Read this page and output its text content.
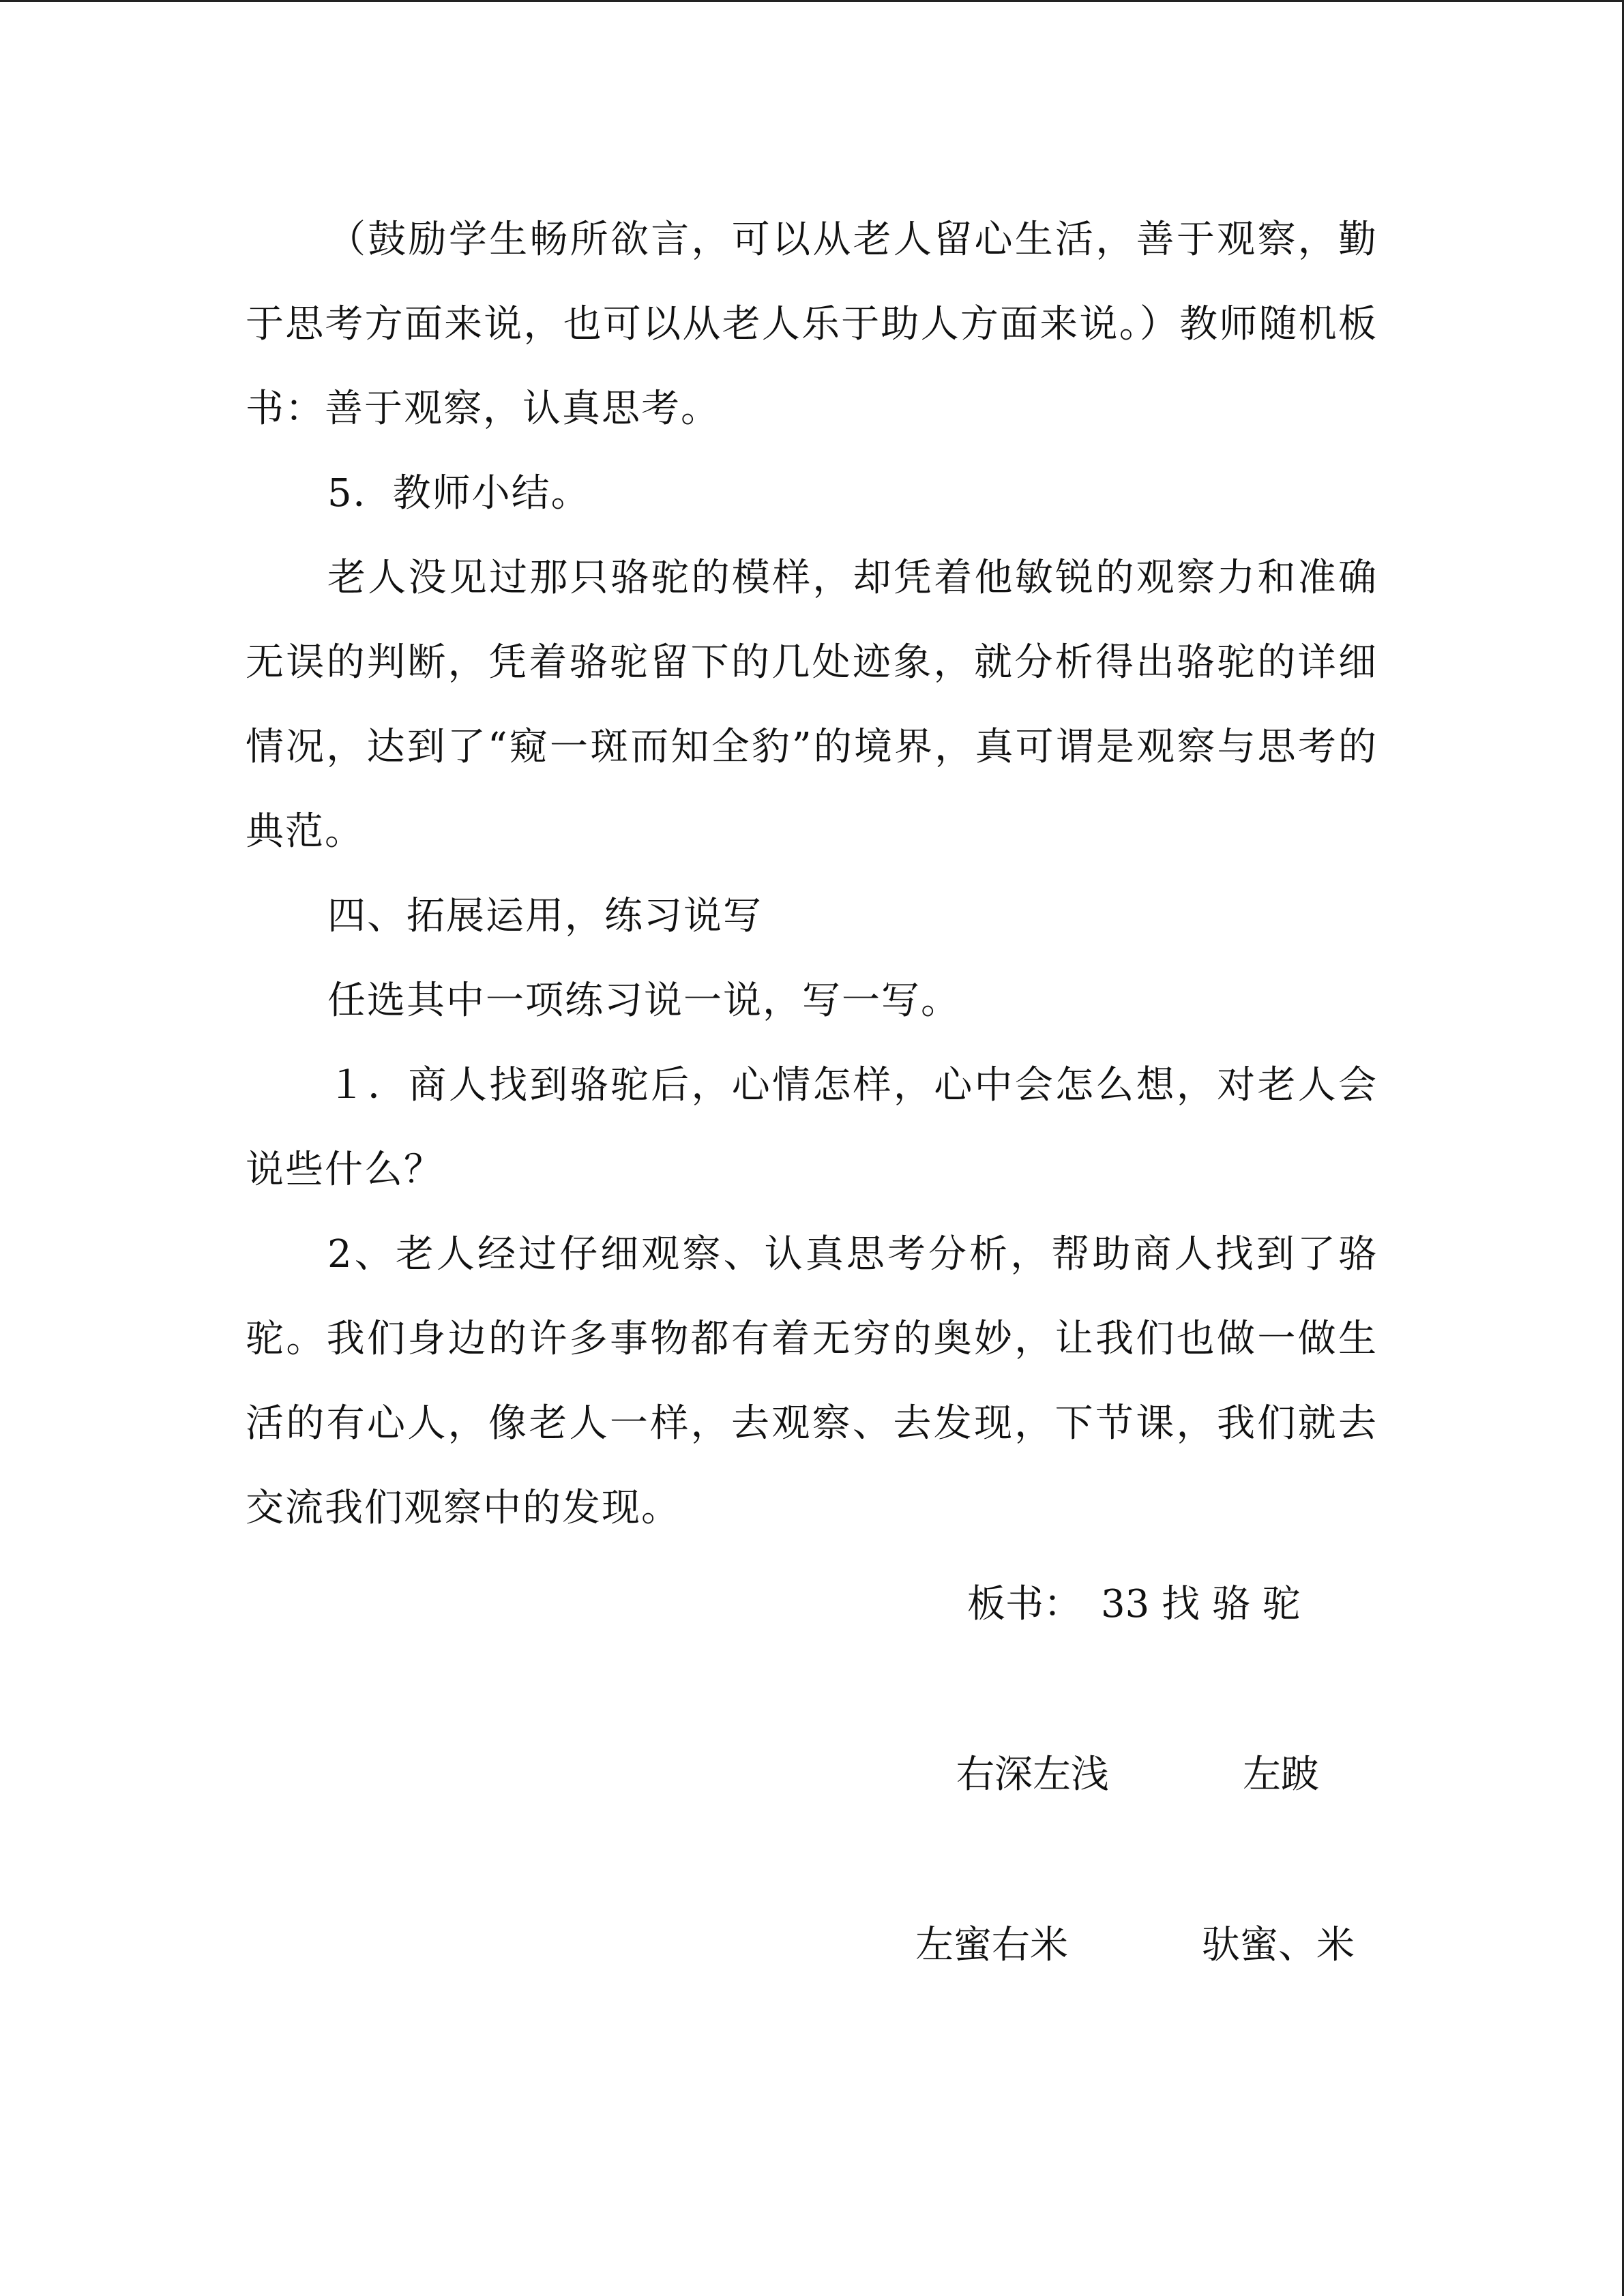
（鼓励学生畅所欲言，可以从老人留心生活，善于观察，勤于思考方面来说，也可以从老人乐于助人方面来说。）教师随机板书：善于观察，认真思考。

5．教师小结。

老人没见过那只骆驼的模样，却凭着他敏锐的观察力和准确无误的判断，凭着骆驼留下的几处迹象，就分析得出骆驼的详细情况，达到了“窥一斑而知全豹”的境界，真可谓是观察与思考的典范。

四、拓展运用，练习说写

任选其中一项练习说一说，写一写。

１．商人找到骆驼后，心情怎样，心中会怎么想，对老人会说些什么？

2、老人经过仔细观察、认真思考分析，帮助商人找到了骆驼。我们身边的许多事物都有着无穷的奥妙，让我们也做一做生活的有心人，像老人一样，去观察、去发现，下节课，我们就去交流我们观察中的发现。

板书：　33 找 骆 驼
右深左浅	左跛
左蜜右米	驮蜜、米
